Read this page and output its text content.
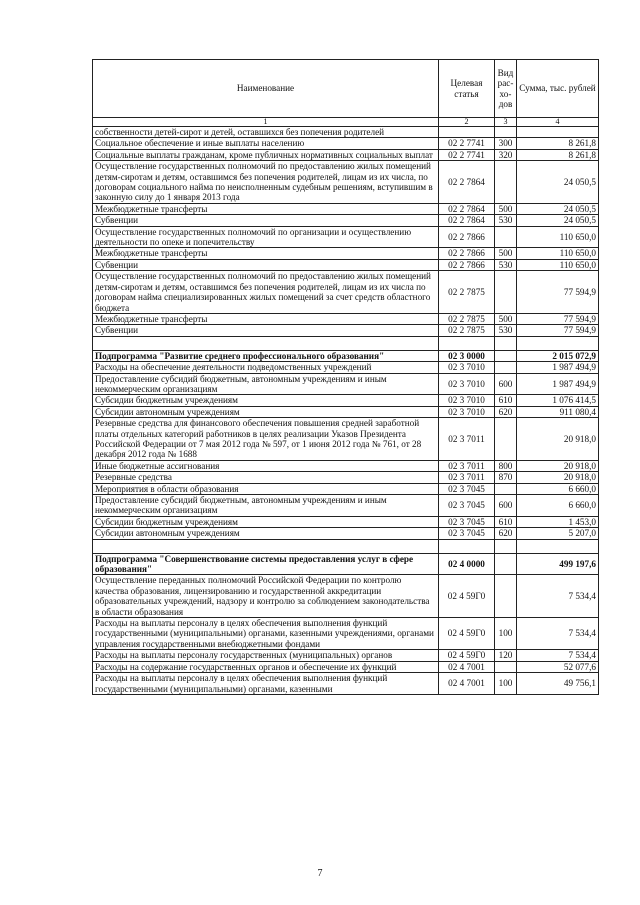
Наименование	Целевая статья	Вид рас-хо-дов	Сумма, тыс. рублей
1	2	3	4
собственности детей-сирот и детей, оставшихся без попечения родителей			
Социальное обеспечение и иные выплаты населению	02 2 7741	300	8 261,8
Социальные выплаты гражданам, кроме публичных нормативных социальных выплат	02 2 7741	320	8 261,8
Осуществление государственных полномочий по предоставлению жилых помещений детям-сиротам и детям, оставшимся без попечения родителей, лицам из их числа, по договорам социального найма по неисполненным судебным решениям, вступившим в законную силу до 1 января 2013 года	02 2 7864		24 050,5
Межбюджетные трансферты	02 2 7864	500	24 050,5
Субвенции	02 2 7864	530	24 050,5
Осуществление государственных полномочий по организации и осуществлению деятельности по опеке и попечительству	02 2 7866		110 650,0
Межбюджетные трансферты	02 2 7866	500	110 650,0
Субвенции	02 2 7866	530	110 650,0
Осуществление государственных полномочий по предоставлению жилых помещений детям-сиротам и детям, оставшимся без попечения родителей, лицам из их числа по договорам найма специализированных жилых помещений за счет средств областного бюджета	02 2 7875		77 594,9
Межбюджетные трансферты	02 2 7875	500	77 594,9
Субвенции	02 2 7875	530	77 594,9

Подпрограмма "Развитие среднего профессионального образования"	02 3 0000		2 015 072,9
Расходы на обеспечение деятельности подведомственных учреждений	02 3 7010		1 987 494,9
Предоставление субсидий бюджетным, автономным учреждениям и иным некоммерческим организациям	02 3 7010	600	1 987 494,9
Субсидии бюджетным учреждениям	02 3 7010	610	1 076 414,5
Субсидии автономным учреждениям	02 3 7010	620	911 080,4
Резервные средства для финансового обеспечения повышения средней заработной платы отдельных категорий работников в целях реализации Указов Президента Российской Федерации от 7 мая 2012 года № 597, от 1 июня 2012 года № 761, от 28 декабря 2012 года № 1688	02 3 7011		20 918,0
Иные бюджетные ассигнования	02 3 7011	800	20 918,0
Резервные средства	02 3 7011	870	20 918,0
Мероприятия в области образования	02 3 7045		6 660,0
Предоставление субсидий бюджетным, автономным учреждениям и иным некоммерческим организациям	02 3 7045	600	6 660,0
Субсидии бюджетным учреждениям	02 3 7045	610	1 453,0
Субсидии автономным учреждениям	02 3 7045	620	5 207,0

Подпрограмма "Совершенствование системы предоставления услуг в сфере образования"	02 4 0000		499 197,6
Осуществление переданных полномочий Российской Федерации по контролю качества образования, лицензированию и государственной аккредитации образовательных учреждений, надзору и контролю за соблюдением законодательства в области образования	02 4 59Г0		7 534,4
Расходы на выплаты персоналу в целях обеспечения выполнения функций государственными (муниципальными) органами, казенными учреждениями, органами управления государственными внебюджетными фондами	02 4 59Г0	100	7 534,4
Расходы на выплаты персоналу государственных (муниципальных) органов	02 4 59Г0	120	7 534,4
Расходы на содержание государственных органов и обеспечение их функций	02 4 7001		52 077,6
Расходы на выплаты персоналу в целях обеспечения выполнения функций государственными (муниципальными) органами, казенными	02 4 7001	100	49 756,1
7
